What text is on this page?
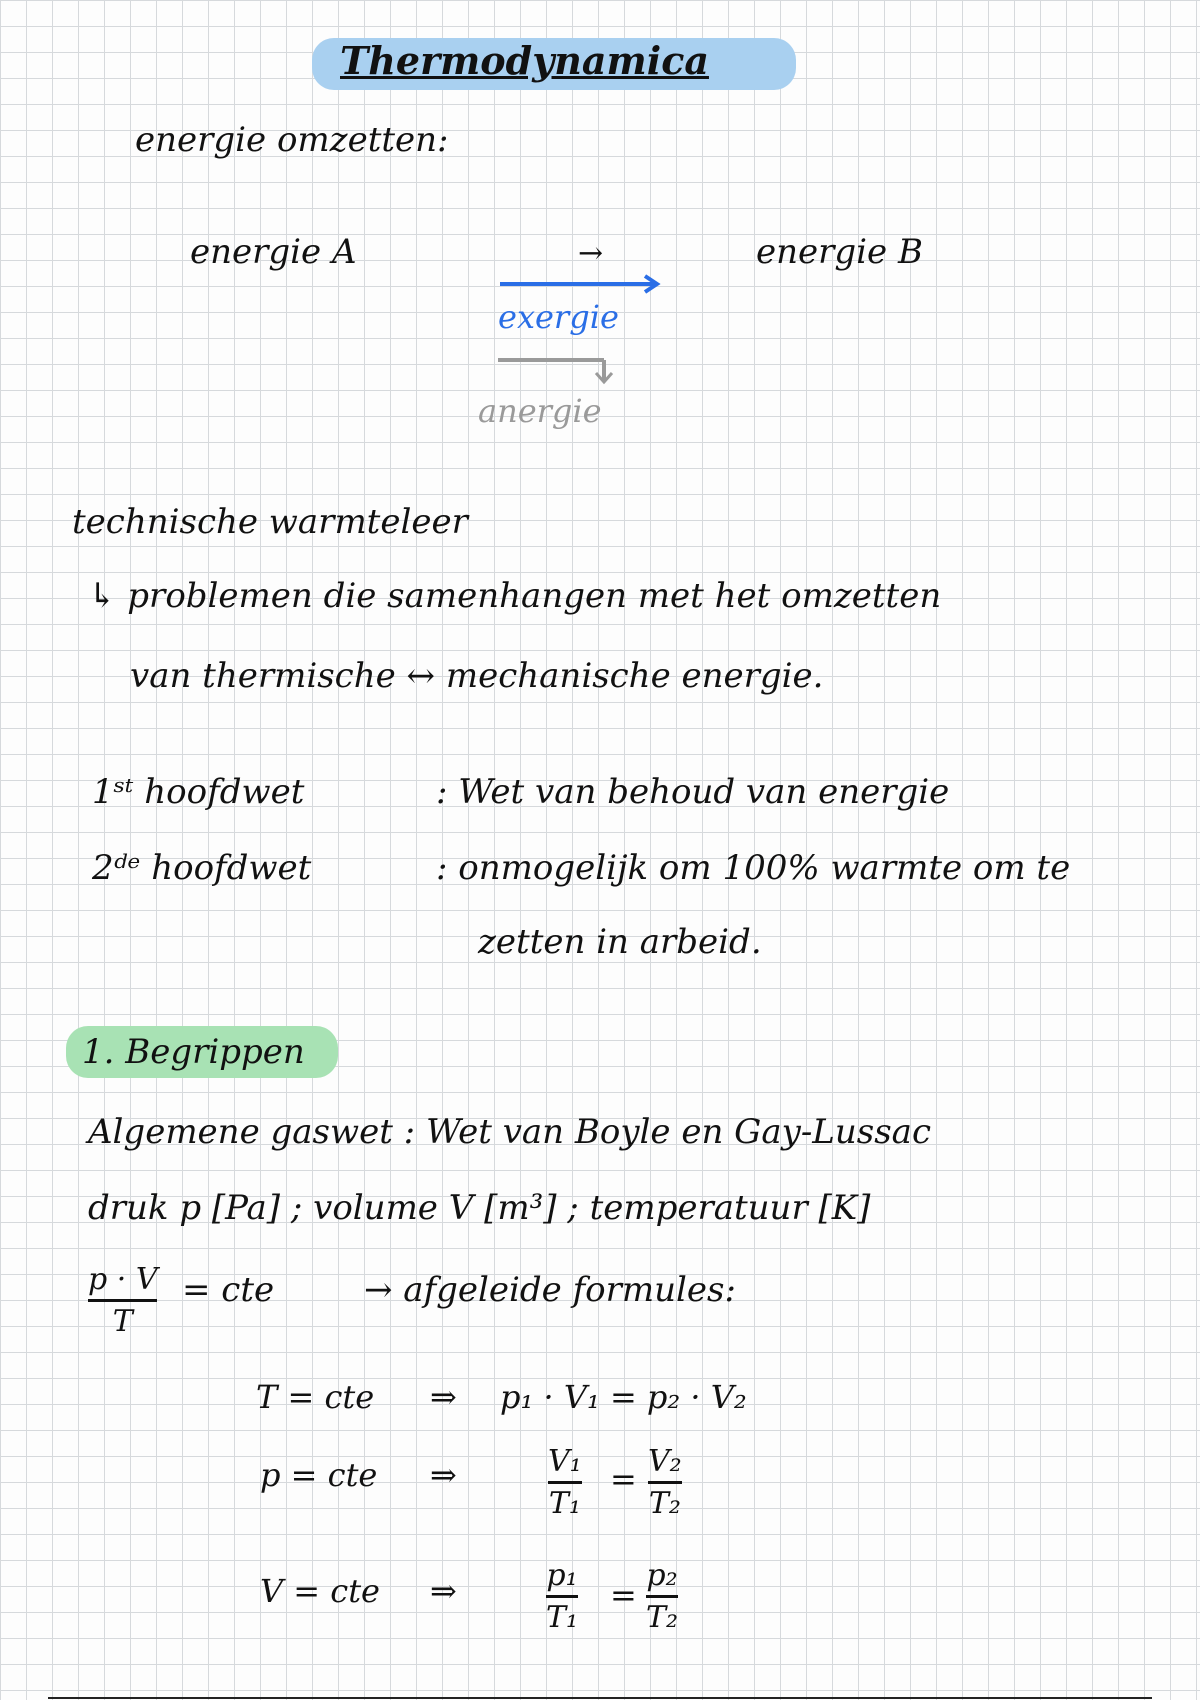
Thermodynamica
energie omzetten:
energie A	→	energie B
exergie
anergie
technische warmteleer
↳ problemen die samenhangen met het omzetten
van thermische ↔ mechanische energie.
1ˢᵗ hoofdwet	: Wet van behoud van energie
2ᵈᵉ hoofdwet	: onmogelijk om 100% warmte om te
zetten in arbeid.
1. Begrippen
Algemene gaswet : Wet van Boyle en Gay-Lussac
druk p [Pa] ; volume V [m³] ; temperatuur [K]
p · V
T
= cte	→ afgeleide formules:
T = cte ⇒ p₁ · V₁ = p₂ · V₂
p = cte ⇒	V₁
T₁
= V₂
T₂
V = cte ⇒	p₁
T₁
=
p₂
T₂
